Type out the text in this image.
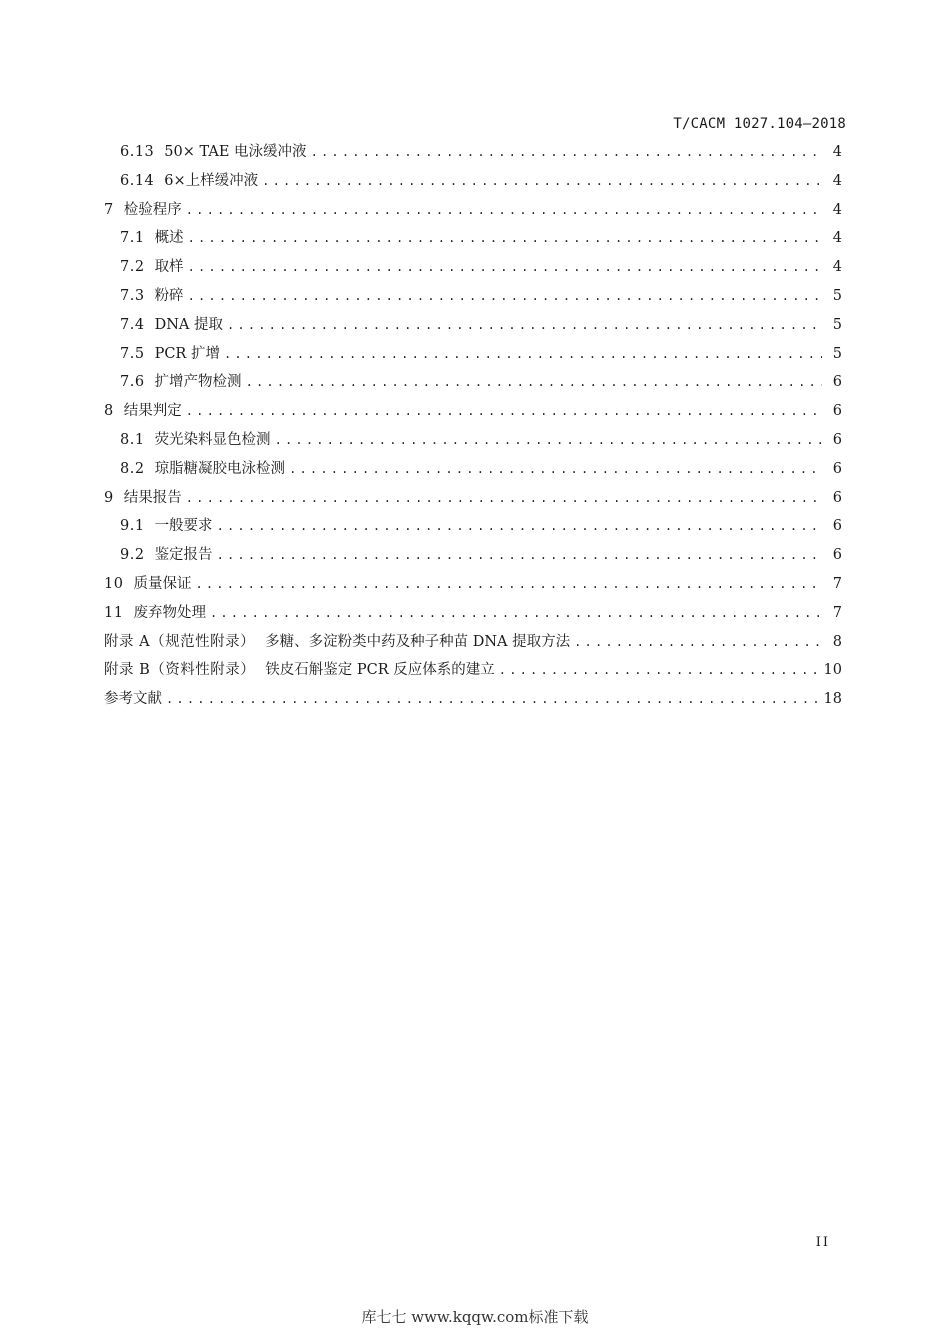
T/CACM 1027.104—2018
6.13 50× TAE 电泳缓冲液 .....	4
6.14 6×上样缓冲液 .....	4
7 检验程序 .....	4
7.1 概述 .....	4
7.2 取样 .....	4
7.3 粉碎 .....	5
7.4 DNA 提取 .....	5
7.5 PCR 扩增 .....	5
7.6 扩增产物检测 .....	6
8 结果判定 .....	6
8.1 荧光染料显色检测 .....	6
8.2 琼脂糖凝胶电泳检测 .....	6
9 结果报告 .....	6
9.1 一般要求 .....	6
9.2 鉴定报告 .....	6
10 质量保证 .....	7
11 废弃物处理 .....	7
附录 A（规范性附录） 多糖、多淀粉类中药及种子种苗 DNA 提取方法 .....	8
附录 B（资料性附录） 铁皮石斛鉴定 PCR 反应体系的建立 .....	10
参考文献 .....	18
II
库七七 www.kqqw.com标准下载
